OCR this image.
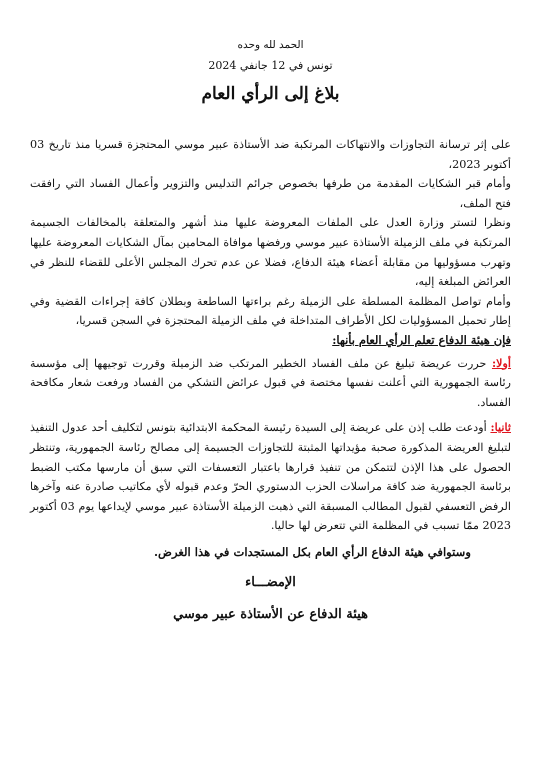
الحمد لله وحده
تونس في 12 جانفي 2024
بلاغ إلى الرأي العام

على إثر ترسانة التجاوزات والانتهاكات المرتكبة ضد الأستاذة عبير موسي المحتجزة قسريا منذ تاريخ 03 أكتوبر 2023،

وأمام قبر الشكايات المقدمة من طرفها بخصوص جرائم التدليس والتزوير وأعمال الفساد التي رافقت فتح الملف،

ونظرا لتستر وزارة العدل على الملفات المعروضة عليها منذ أشهر والمتعلقة بالمخالفات الجسيمة المرتكبة في ملف الزميلة الأستاذة عبير موسي ورفضها موافاة المحامين بمآل الشكايات المعروضة عليها وتهرب مسؤوليها من مقابلة أعضاء هيئة الدفاع، فضلا عن عدم تحرك المجلس الأعلى للقضاء للنظر في العرائض المبلغة إليه،

وأمام تواصل المظلمة المسلطة على الزميلة رغم براءتها الساطعة وبطلان كافة إجراءات القضية وفي إطار تحميل المسؤوليات لكل الأطراف المتداخلة في ملف الزميلة المحتجزة في السجن قسريا،

فإن هيئة الدفاع تعلم الرأي العام بأنها:

أولا: حررت عريضة تبليغ عن ملف الفساد الخطير المرتكب ضد الزميلة وقررت توجيهها إلى مؤسسة رئاسة الجمهورية التي أعلنت نفسها مختصة في قبول عرائض التشكي من الفساد ورفعت شعار مكافحة الفساد.

ثانيا: أودعت طلب إذن على عريضة إلى السيدة رئيسة المحكمة الابتدائية بتونس لتكليف أحد عدول التنفيذ لتبليغ العريضة المذكورة صحبة مؤيداتها المثبتة للتجاوزات الجسيمة إلى مصالح رئاسة الجمهورية، وتنتظر الحصول على هذا الإذن لتتمكن من تنفيذ قرارها باعتبار التعسفات التي سبق أن مارسها مكتب الضبط برئاسة الجمهورية ضد كافة مراسلات الحزب الدستوري الحرّ وعدم قبوله لأي مكاتيب صادرة عنه وآخرها الرفض التعسفي لقبول المطالب المسبقة التي ذهبت الزميلة الأستاذة عبير موسي لإيداعها يوم 03 أكتوبر 2023 ممّا تسبب في المظلمة التي تتعرض لها حاليا.

وستوافي هيئة الدفاع الرأي العام بكل المستجدات في هذا الغرض.
الإمضـــاء
هيئة الدفاع عن الأستاذة عبير موسي
